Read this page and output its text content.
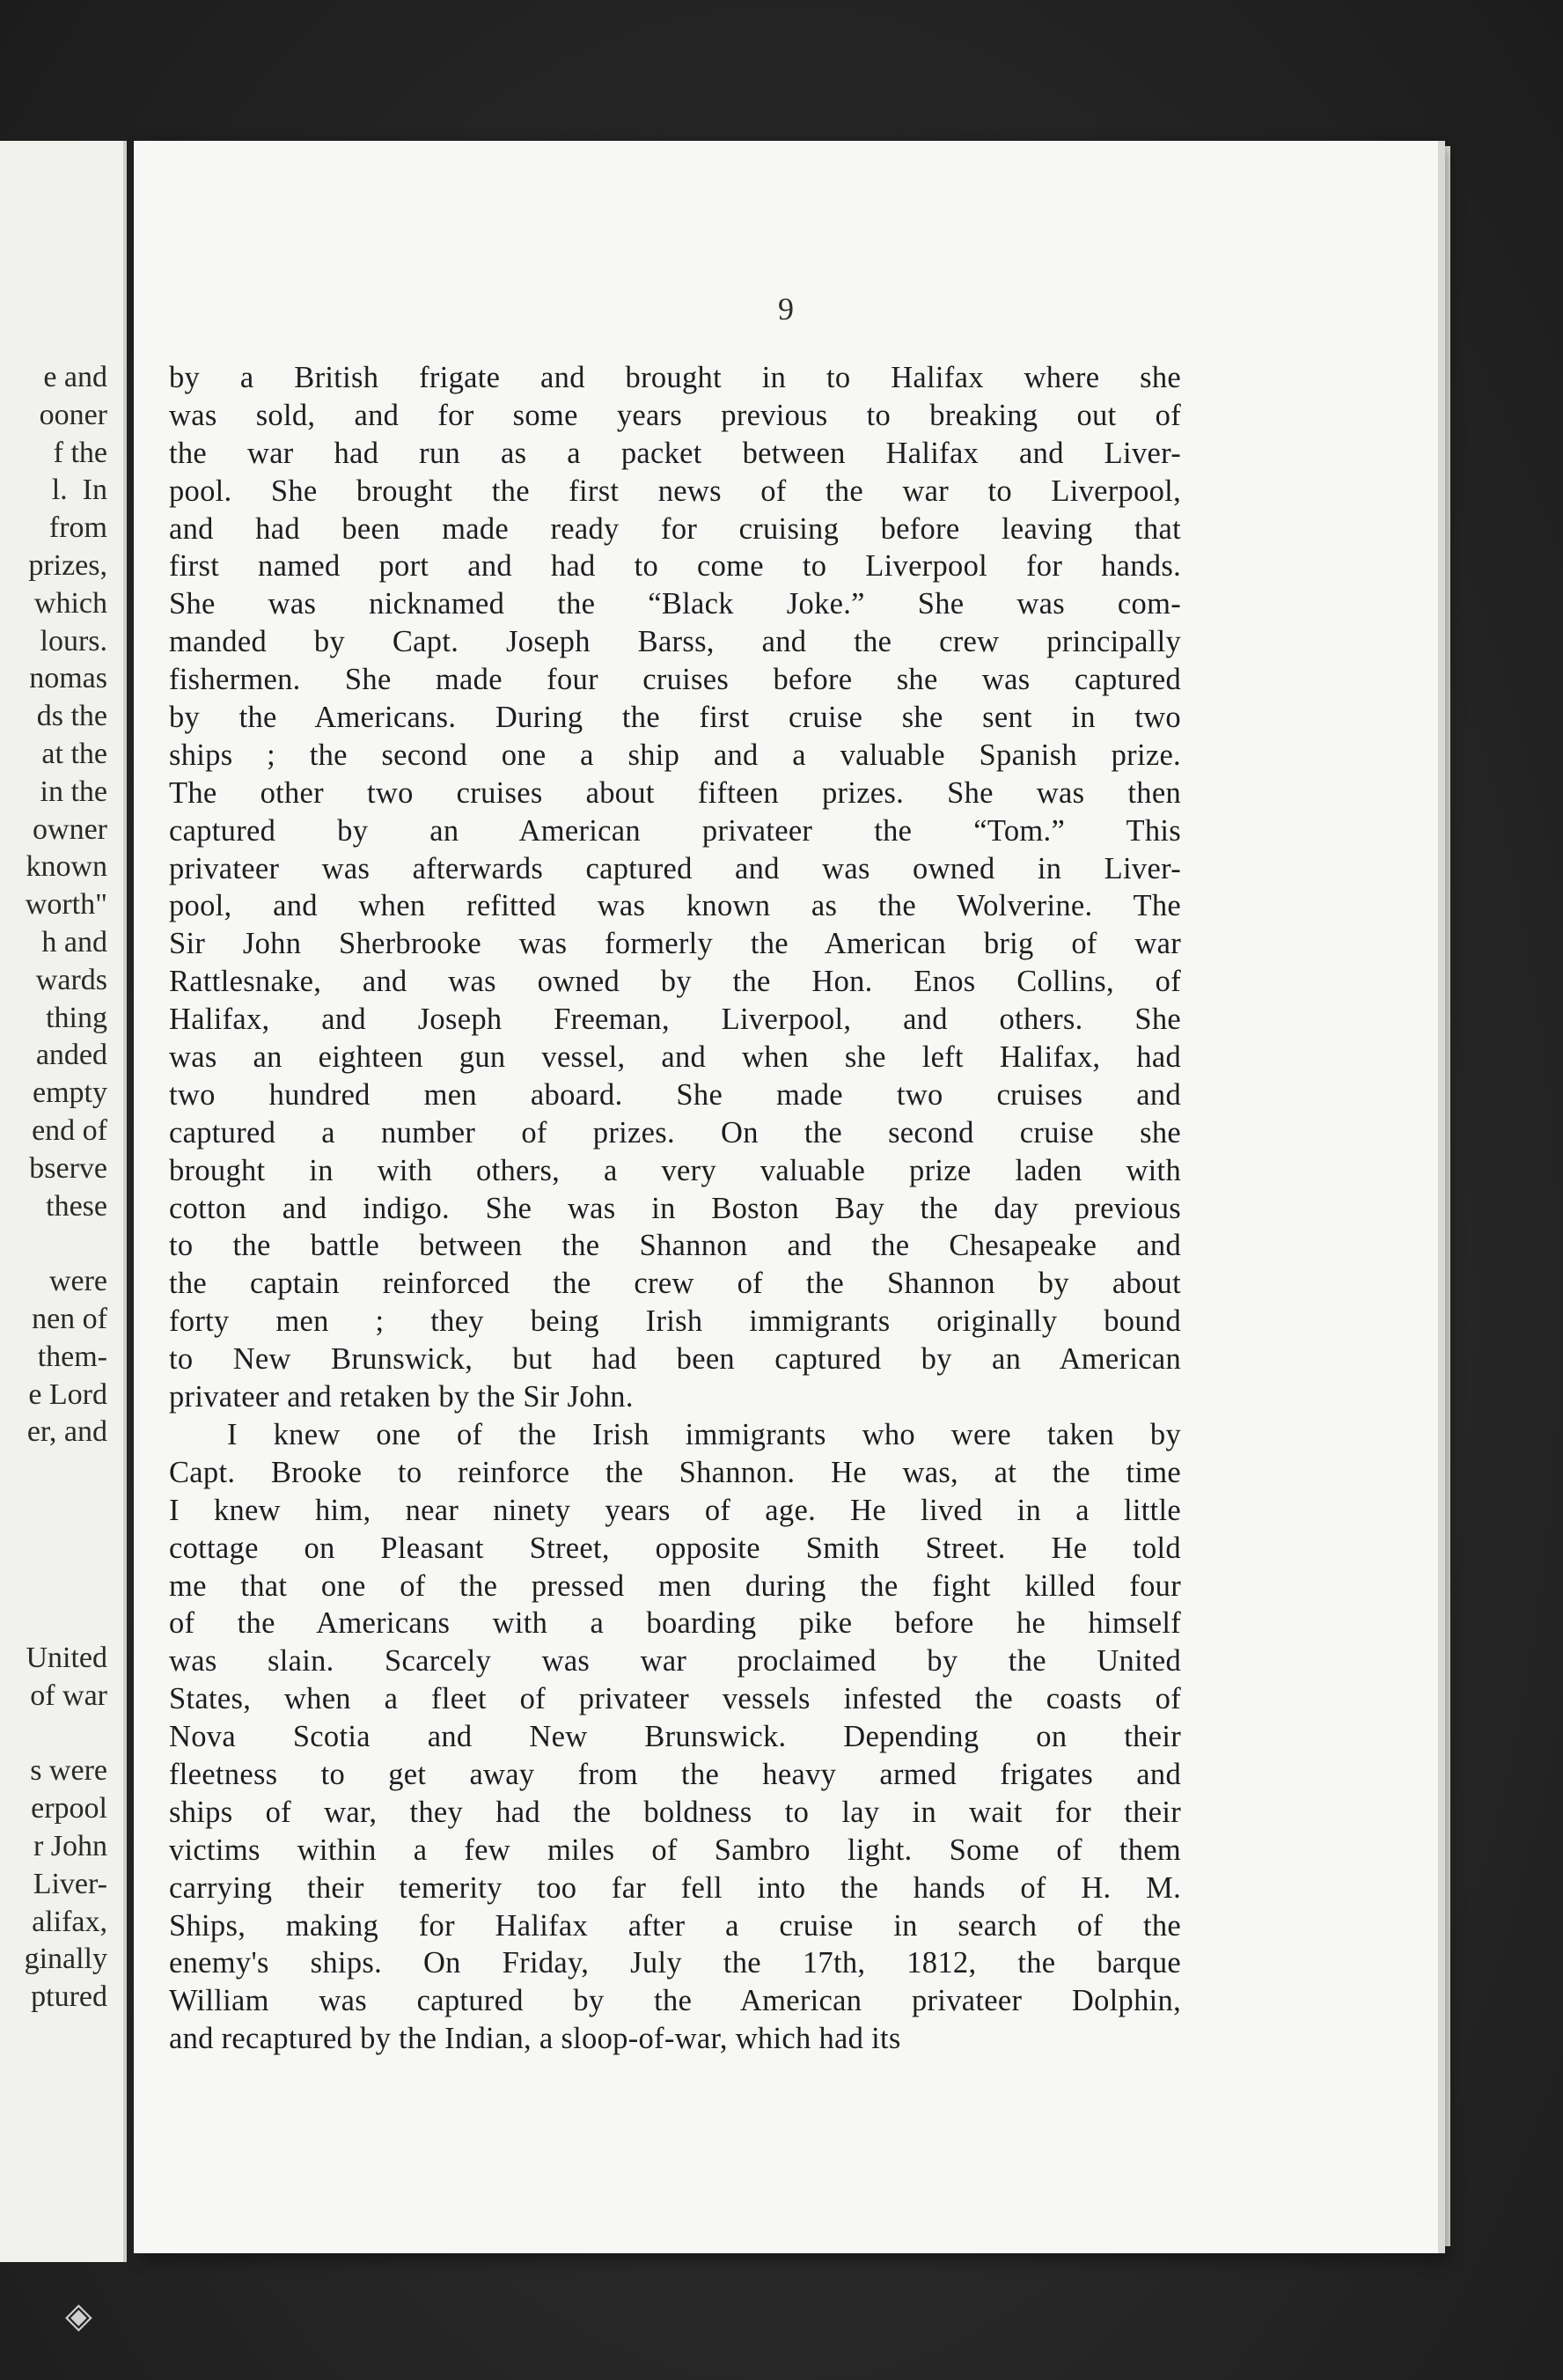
e and
ooner
f the
l.  In
from
prizes,
which
lours.
nomas
ds the
at the
in the
owner
known
worth"
h and
wards
thing
anded
empty
end of
bserve
these
were
nen of
them-
e Lord
er, and
United
of war
s were
erpool
r John
Liver-
alifax,
ginally
ptured
9
by a British frigate and brought in to Halifax where she
was sold, and for some years previous to breaking out of
the war had run as a packet between Halifax and Liver-
pool. She brought the first news of the war to Liverpool,
and had been made ready for cruising before leaving that
first named port and had to come to Liverpool for hands.
She was nicknamed the “Black Joke.” She was com-
manded by Capt. Joseph Barss, and the crew principally
fishermen. She made four cruises before she was captured
by the Americans. During the first cruise she sent in two
ships ; the second one a ship and a valuable Spanish prize.
The other two cruises about fifteen prizes. She was then
captured by an American privateer the “Tom.” This
privateer was afterwards captured and was owned in Liver-
pool, and when refitted was known as the Wolverine. The
Sir John Sherbrooke was formerly the American brig of war
Rattlesnake, and was owned by the Hon. Enos Collins, of
Halifax, and Joseph Freeman, Liverpool, and others. She
was an eighteen gun vessel, and when she left Halifax, had
two hundred men aboard. She made two cruises and
captured a number of prizes. On the second cruise she
brought in with others, a very valuable prize laden with
cotton and indigo. She was in Boston Bay the day previous
to the battle between the Shannon and the Chesapeake and
the captain reinforced the crew of the Shannon by about
forty men ; they being Irish immigrants originally bound
to New Brunswick, but had been captured by an American
privateer and retaken by the Sir John.
I knew one of the Irish immigrants who were taken by
Capt. Brooke to reinforce the Shannon. He was, at the time
I knew him, near ninety years of age. He lived in a little
cottage on Pleasant Street, opposite Smith Street. He told
me that one of the pressed men during the fight killed four
of the Americans with a boarding pike before he himself
was slain. Scarcely was war proclaimed by the United
States, when a fleet of privateer vessels infested the coasts of
Nova Scotia and New Brunswick. Depending on their
fleetness to get away from the heavy armed frigates and
ships of war, they had the boldness to lay in wait for their
victims within a few miles of Sambro light. Some of them
carrying their temerity too far fell into the hands of H. M.
Ships, making for Halifax after a cruise in search of the
enemy's ships. On Friday, July the 17th, 1812, the barque
William was captured by the American privateer Dolphin,
and recaptured by the Indian, a sloop-of-war, which had its
◈
